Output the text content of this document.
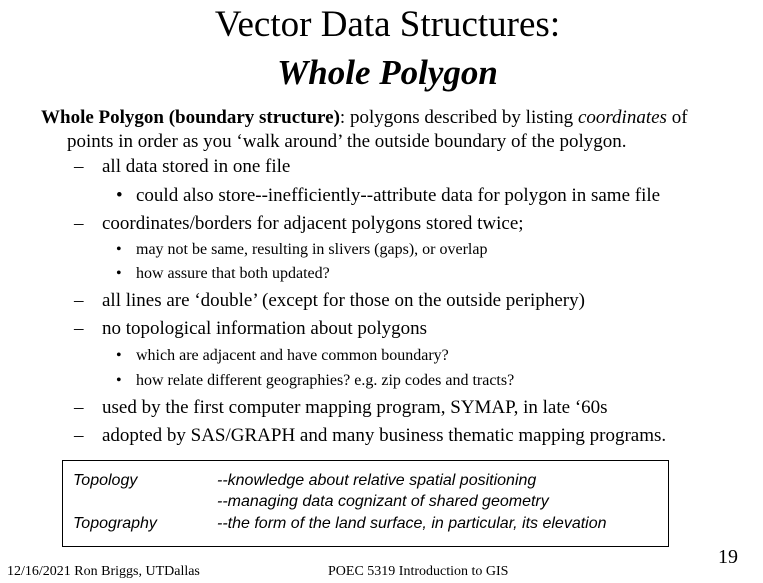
Vector Data Structures:
Whole Polygon
Whole Polygon (boundary structure): polygons described by listing coordinates of
points in order as you ‘walk around’ the outside boundary of the polygon.
– all data stored in one file
• could also store--inefficiently--attribute data for polygon in same file
– coordinates/borders for adjacent polygons stored twice;
• may not be same, resulting in slivers (gaps), or overlap
• how assure that both updated?
– all lines are ‘double’ (except for those on the outside periphery)
– no topological information about polygons
• which are adjacent and have common boundary?
• how relate different geographies? e.g. zip codes and tracts?
– used by the first computer mapping program, SYMAP, in late ‘60s
– adopted by SAS/GRAPH and many business thematic mapping programs.
Topology	--knowledge about relative spatial positioning
--managing data cognizant of shared geometry
Topography	--the form of the land surface, in particular, its elevation
12/16/2021 Ron Briggs, UTDallas	POEC 5319 Introduction to GIS
19
